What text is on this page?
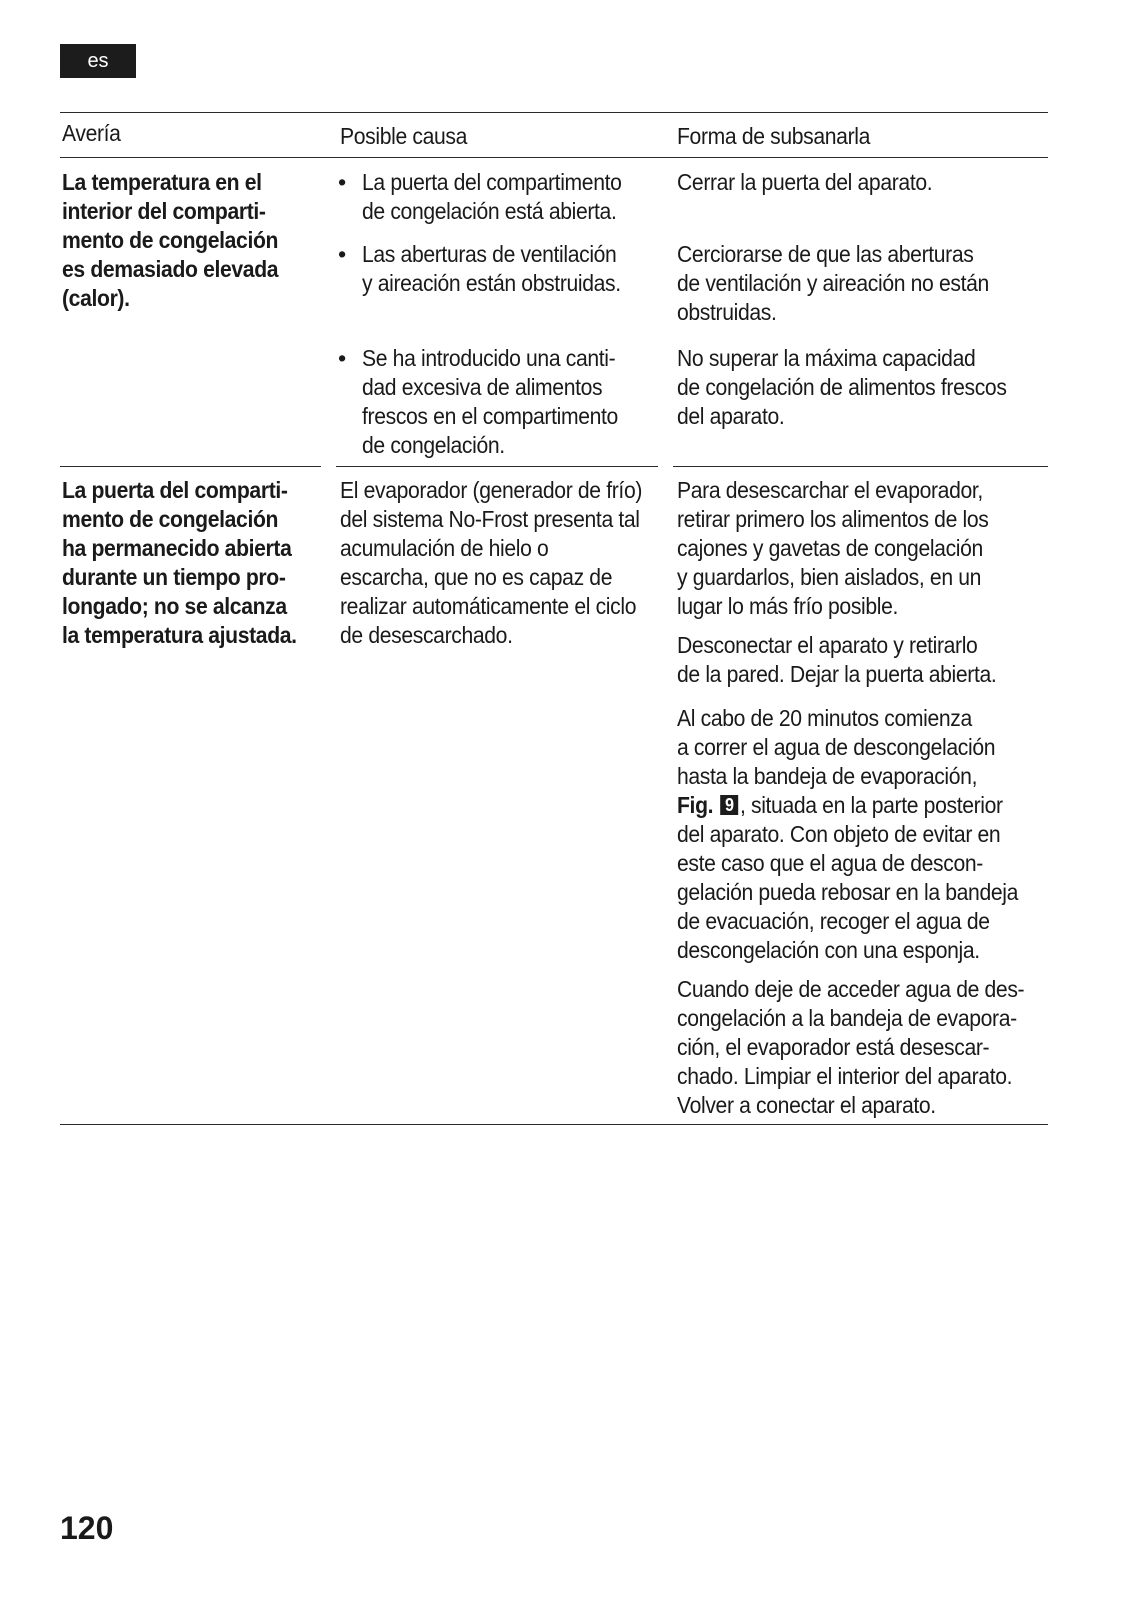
es
Avería	Posible causa	Forma de subsanarla
La temperatura en el
interior del comparti-
mento de congelación
es demasiado elevada
(calor).
• La puerta del compartimento
de congelación está abierta.
• Las aberturas de ventilación
y aireación están obstruidas.
• Se ha introducido una canti-
dad excesiva de alimentos
frescos en el compartimento
de congelación.
Cerrar la puerta del aparato.
Cerciorarse de que las aberturas
de ventilación y aireación no están
obstruidas.
No superar la máxima capacidad
de congelación de alimentos frescos
del aparato.
La puerta del comparti-
mento de congelación
ha permanecido abierta
durante un tiempo pro-
longado; no se alcanza
la temperatura ajustada.
El evaporador (generador de frío)
del sistema No-Frost presenta tal
acumulación de hielo o
escarcha, que no es capaz de
realizar automáticamente el ciclo
de desescarchado.
Para desescarchar el evaporador,
retirar primero los alimentos de los
cajones y gavetas de congelación
y guardarlos, bien aislados, en un
lugar lo más frío posible.
Desconectar el aparato y retirarlo
de la pared. Dejar la puerta abierta.
Al cabo de 20 minutos comienza
a correr el agua de descongelación
hasta la bandeja de evaporación,
Fig. 9 , situada en la parte posterior
del aparato. Con objeto de evitar en
este caso que el agua de descon-
gelación pueda rebosar en la bandeja
de evacuación, recoger el agua de
descongelación con una esponja.
Cuando deje de acceder agua de des-
congelación a la bandeja de evapora-
ción, el evaporador está desescar-
chado. Limpiar el interior del aparato.
Volver a conectar el aparato.
120
